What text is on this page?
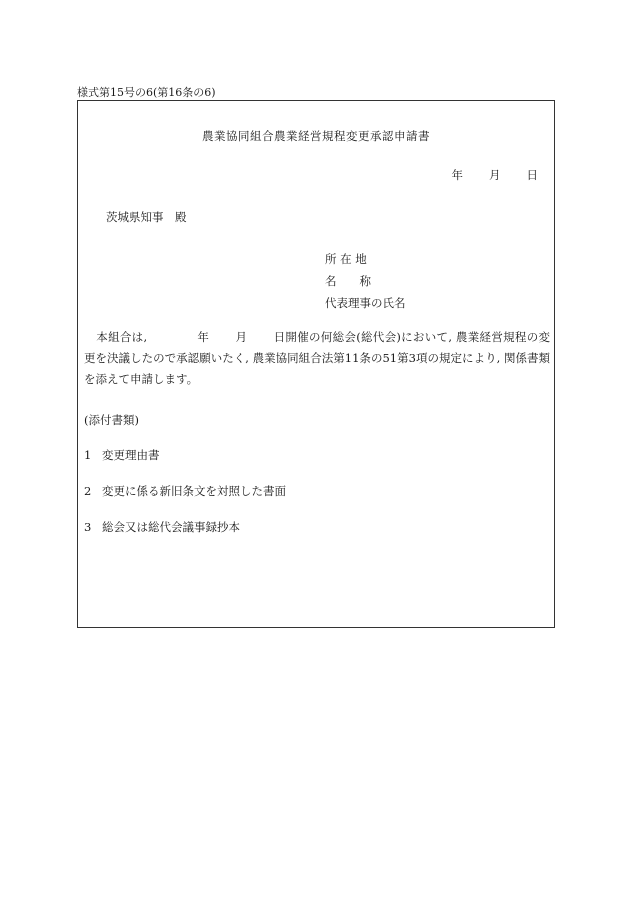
様式第15号の6(第16条の6)
農業協同組合農業経営規程変更承認申請書
年 月 日
茨城県知事　殿
所 在 地
名　　称
代表理事の氏名
本組合は,	年 月 日開催の何総会(総代会)において, 農業経営規程の変更を決議したので承認願いたく, 農業協同組合法第11条の51第3項の規定により, 関係書類を添えて申請します。
(添付書類)
1 変更理由書
2 変更に係る新旧条文を対照した書面
3 総会又は総代会議事録抄本
